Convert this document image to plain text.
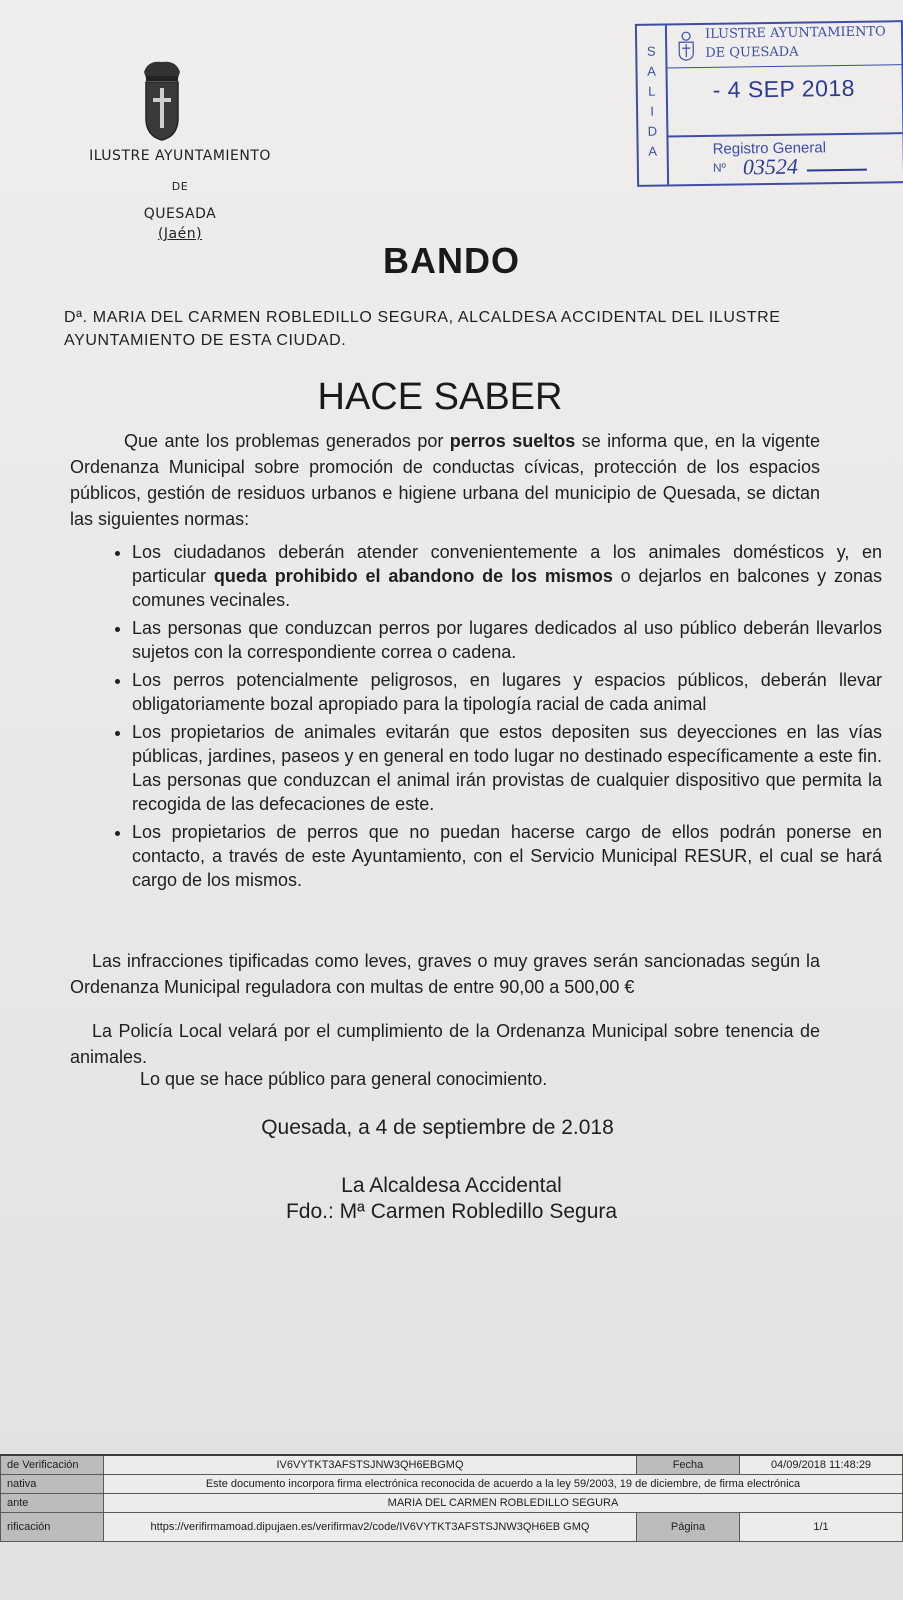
ILUSTRE AYUNTAMIENTO
DE
QUESADA
(Jaén)
S
A
L
I
D
A
ILUSTRE AYUNTAMIENTO
DE QUESADA
- 4 SEP 2018
Registro General
Nº 03524
BANDO
Dª. MARIA DEL CARMEN ROBLEDILLO SEGURA, ALCALDESA ACCIDENTAL DEL ILUSTRE AYUNTAMIENTO DE ESTA CIUDAD.
HACE SABER
Que ante los problemas generados por perros sueltos se informa que, en la vigente Ordenanza Municipal sobre promoción de conductas cívicas, protección de los espacios públicos, gestión de residuos urbanos e higiene urbana del municipio de Quesada, se dictan las siguientes normas:
• Los ciudadanos deberán atender convenientemente a los animales domésticos y, en particular queda prohibido el abandono de los mismos o dejarlos en balcones y zonas comunes vecinales.
• Las personas que conduzcan perros por lugares dedicados al uso público deberán llevarlos sujetos con la correspondiente correa o cadena.
• Los perros potencialmente peligrosos, en lugares y espacios públicos, deberán llevar obligatoriamente bozal apropiado para la tipología racial de cada animal
• Los propietarios de animales evitarán que estos depositen sus deyecciones en las vías públicas, jardines, paseos y en general en todo lugar no destinado específicamente a este fin. Las personas que conduzcan el animal irán provistas de cualquier dispositivo que permita la recogida de las defecaciones de este.
• Los propietarios de perros que no puedan hacerse cargo de ellos podrán ponerse en contacto, a través de este Ayuntamiento, con el Servicio Municipal RESUR, el cual se hará cargo de los mismos.
Las infracciones tipificadas como leves, graves o muy graves serán sancionadas según la Ordenanza Municipal reguladora con multas de entre 90,00 a 500,00 €
La Policía Local velará por el cumplimiento de la Ordenanza Municipal sobre tenencia de animales.
Lo que se hace público para general conocimiento.
Quesada, a 4 de septiembre de 2.018
La Alcaldesa Accidental
Fdo.: Mª Carmen Robledillo Segura
de Verificación	IV6VYTKT3AFSTSJNW3QH6EBGMQ	Fecha	04/09/2018 11:48:29
nativa	Este documento incorpora firma electrónica reconocida de acuerdo a la ley 59/2003, 19 de diciembre, de firma electrónica		
ante	MARIA DEL CARMEN ROBLEDILLO SEGURA		
rificación	https://verifirmamoad.dipujaen.es/verifirmav2/code/IV6VYTKT3AFSTSJNW3QH6EB GMQ	Página	1/1
